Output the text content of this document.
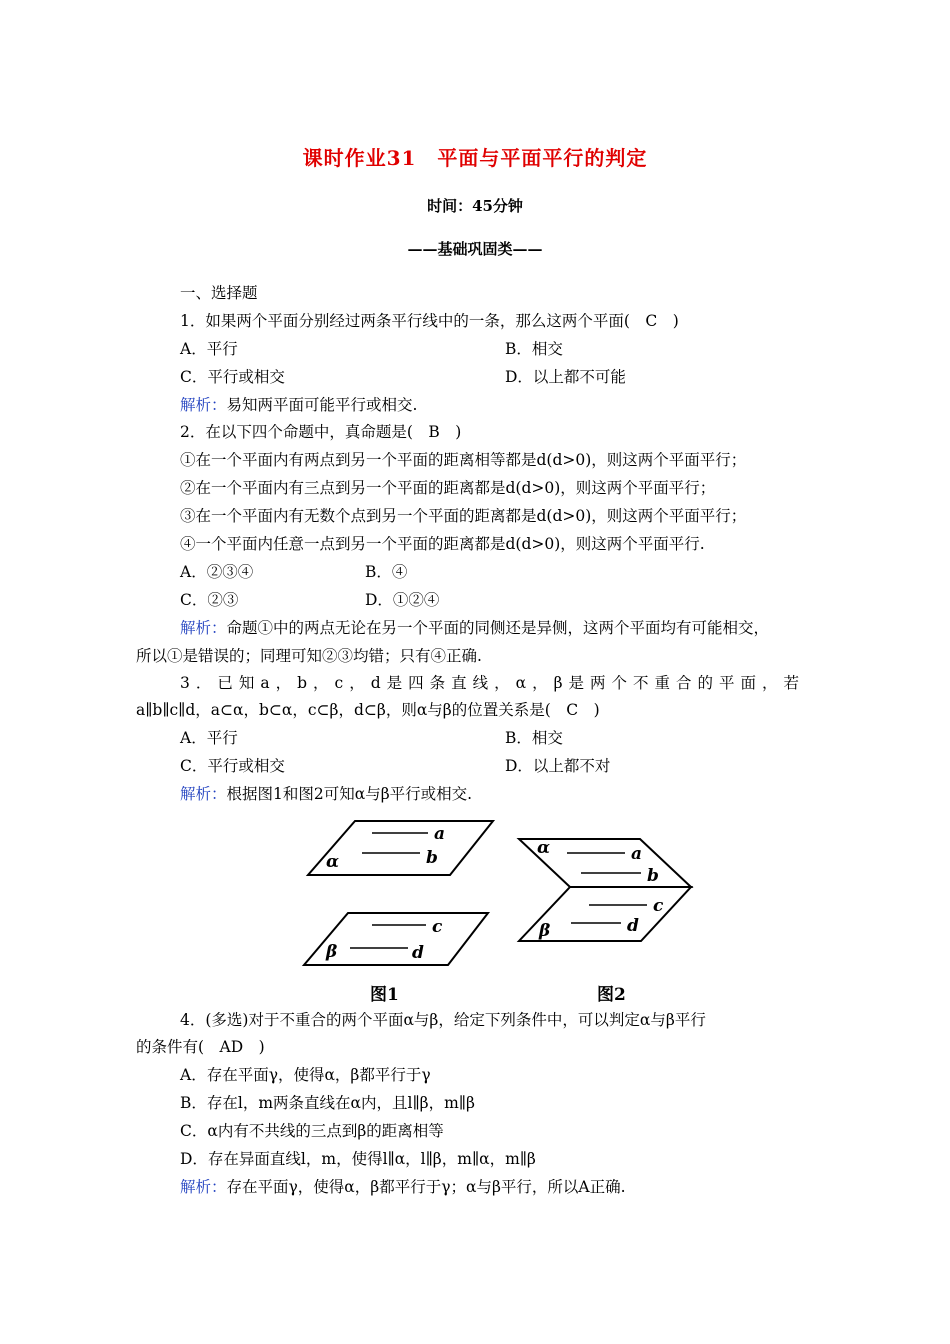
课时作业31　平面与平面平行的判定
时间：45分钟
——基础巩固类——
一、选择题
1．如果两个平面分别经过两条平行线中的一条，那么这两个平面(　C　)
A．平行	B．相交
C．平行或相交	D．以上都不可能
解析：易知两平面可能平行或相交.
2．在以下四个命题中，真命题是(　B　)
①在一个平面内有两点到另一个平面的距离相等都是d(d>0)，则这两个平面平行；
②在一个平面内有三点到另一个平面的距离都是d(d>0)，则这两个平面平行；
③在一个平面内有无数个点到另一个平面的距离都是d(d>0)，则这两个平面平行；
④一个平面内任意一点到另一个平面的距离都是d(d>0)，则这两个平面平行.
A．②③④	B．④
C．②③	D．①②④
解析：命题①中的两点无论在另一个平面的同侧还是异侧，这两个平面均有可能相交，
所以①是错误的；同理可知②③均错；只有④正确.
3．已知a，b，c，d是四条直线，α，β是两个不重合的平面，若
a∥b∥c∥d，a⊂α，b⊂α，c⊂β，d⊂β，则α与β的位置关系是(　C　)
A．平行	B．相交
C．平行或相交	D．以上都不对
解析：根据图1和图2可知α与β平行或相交.
a
b
α
c
d
β
α	a
b
c
d
β
图1	图2
4．(多选)对于不重合的两个平面α与β，给定下列条件中，可以判定α与β平行
的条件有(　AD　)
A．存在平面γ，使得α，β都平行于γ
B．存在l，m两条直线在α内，且l∥β，m∥β
C．α内有不共线的三点到β的距离相等
D．存在异面直线l，m，使得l∥α，l∥β，m∥α，m∥β
解析：存在平面γ，使得α，β都平行于γ；α与β平行，所以A正确.
